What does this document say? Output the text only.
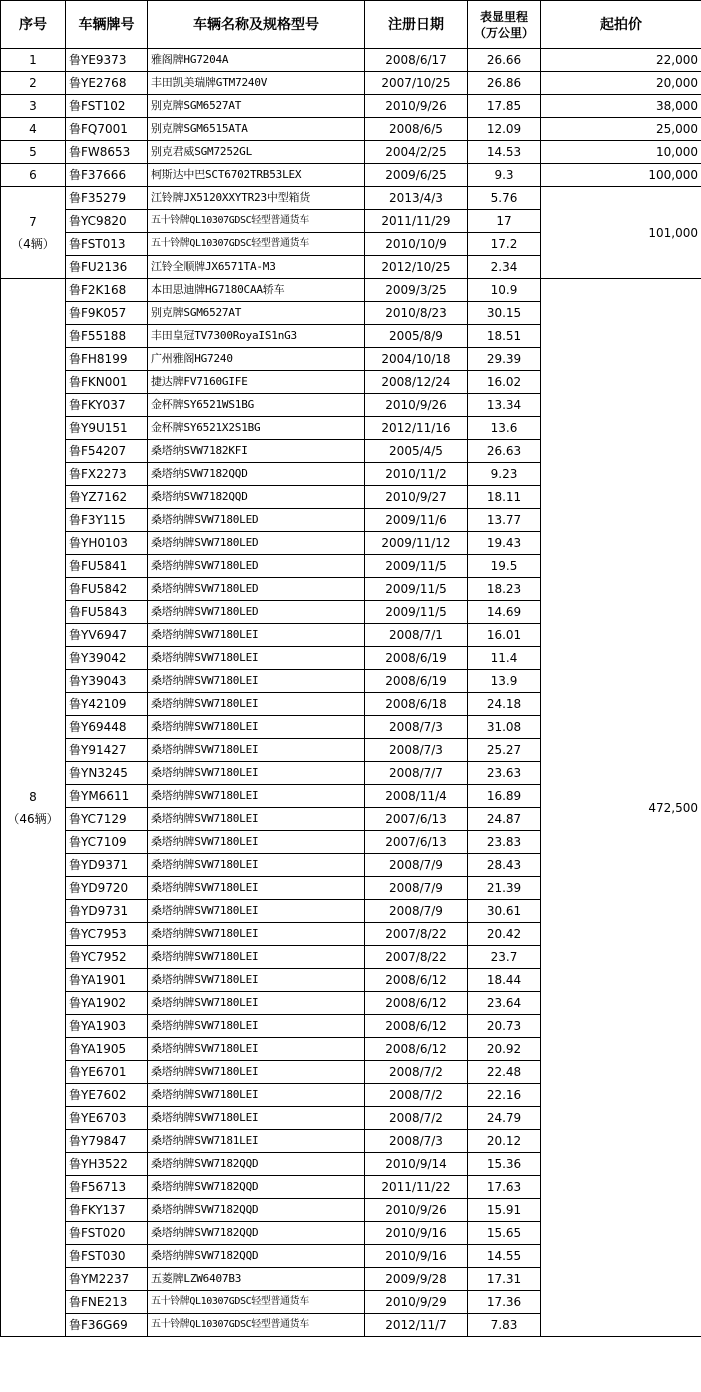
序号	车辆牌号	车辆名称及规格型号	注册日期	表显里程
（万公里）	起拍价
1	鲁YE9373	雅阁牌HG7204A	2008/6/17	26.66	22,000
2	鲁YE2768	丰田凯美瑞牌GTM7240V	2007/10/25	26.86	20,000
3	鲁FST102	别克牌SGM6527AT	2010/9/26	17.85	38,000
4	鲁FQ7001	别克牌SGM6515ATA	2008/6/5	12.09	25,000
5	鲁FW8653	别克君威SGM7252GL	2004/2/25	14.53	10,000
6	鲁F37666	柯斯达中巴SCT6702TRB53LEX	2009/6/25	9.3	100,000

7
（4辆）	鲁F35279	江铃牌JX5120XXYTR23中型箱货	2013/4/3	5.76	101,000
	鲁YC9820	五十铃牌QL10307GDSC轻型普通货车	2011/11/29	17	
	鲁FST013	五十铃牌QL10307GDSC轻型普通货车	2010/10/9	17.2	
	鲁FU2136	江铃全顺牌JX6571TA-M3	2012/10/25	2.34	

8
（46辆）	鲁F2K168	本田思迪牌HG7180CAA轿车	2009/3/25	10.9	472,500
	鲁F9K057	别克牌SGM6527AT	2010/8/23	30.15	
	鲁F55188	丰田皇冠TV7300RoyaIS1nG3	2005/8/9	18.51	
	鲁FH8199	广州雅阁HG7240	2004/10/18	29.39	
	鲁FKN001	捷达牌FV7160GIFE	2008/12/24	16.02	
	鲁FKY037	金杯牌SY6521WS1BG	2010/9/26	13.34	
	鲁Y9U151	金杯牌SY6521X2S1BG	2012/11/16	13.6	
	鲁F54207	桑塔纳SVW7182KFI	2005/4/5	26.63	
	鲁FX2273	桑塔纳SVW7182QQD	2010/11/2	9.23	
	鲁YZ7162	桑塔纳SVW7182QQD	2010/9/27	18.11	
	鲁F3Y115	桑塔纳牌SVW7180LED	2009/11/6	13.77	
	鲁YH0103	桑塔纳牌SVW7180LED	2009/11/12	19.43	
	鲁FU5841	桑塔纳牌SVW7180LED	2009/11/5	19.5	
	鲁FU5842	桑塔纳牌SVW7180LED	2009/11/5	18.23	
	鲁FU5843	桑塔纳牌SVW7180LED	2009/11/5	14.69	
	鲁YV6947	桑塔纳牌SVW7180LEI	2008/7/1	16.01	
	鲁Y39042	桑塔纳牌SVW7180LEI	2008/6/19	11.4	
	鲁Y39043	桑塔纳牌SVW7180LEI	2008/6/19	13.9	
	鲁Y42109	桑塔纳牌SVW7180LEI	2008/6/18	24.18	
	鲁Y69448	桑塔纳牌SVW7180LEI	2008/7/3	31.08	
	鲁Y91427	桑塔纳牌SVW7180LEI	2008/7/3	25.27	
	鲁YN3245	桑塔纳牌SVW7180LEI	2008/7/7	23.63	
	鲁YM6611	桑塔纳牌SVW7180LEI	2008/11/4	16.89	
	鲁YC7129	桑塔纳牌SVW7180LEI	2007/6/13	24.87	
	鲁YC7109	桑塔纳牌SVW7180LEI	2007/6/13	23.83	
	鲁YD9371	桑塔纳牌SVW7180LEI	2008/7/9	28.43	
	鲁YD9720	桑塔纳牌SVW7180LEI	2008/7/9	21.39	
	鲁YD9731	桑塔纳牌SVW7180LEI	2008/7/9	30.61	
	鲁YC7953	桑塔纳牌SVW7180LEI	2007/8/22	20.42	
	鲁YC7952	桑塔纳牌SVW7180LEI	2007/8/22	23.7	
	鲁YA1901	桑塔纳牌SVW7180LEI	2008/6/12	18.44	
	鲁YA1902	桑塔纳牌SVW7180LEI	2008/6/12	23.64	
	鲁YA1903	桑塔纳牌SVW7180LEI	2008/6/12	20.73	
	鲁YA1905	桑塔纳牌SVW7180LEI	2008/6/12	20.92	
	鲁YE6701	桑塔纳牌SVW7180LEI	2008/7/2	22.48	
	鲁YE7602	桑塔纳牌SVW7180LEI	2008/7/2	22.16	
	鲁YE6703	桑塔纳牌SVW7180LEI	2008/7/2	24.79	
	鲁Y79847	桑塔纳牌SVW7181LEI	2008/7/3	20.12	
	鲁YH3522	桑塔纳牌SVW7182QQD	2010/9/14	15.36	
	鲁F56713	桑塔纳牌SVW7182QQD	2011/11/22	17.63	
	鲁FKY137	桑塔纳牌SVW7182QQD	2010/9/26	15.91	
	鲁FST020	桑塔纳牌SVW7182QQD	2010/9/16	15.65	
	鲁FST030	桑塔纳牌SVW7182QQD	2010/9/16	14.55	
	鲁YM2237	五菱牌LZW6407B3	2009/9/28	17.31	
	鲁FNE213	五十铃牌QL10307GDSC轻型普通货车	2010/9/29	17.36	
	鲁F36G69	五十铃牌QL10307GDSC轻型普通货车	2012/11/7	7.83	
